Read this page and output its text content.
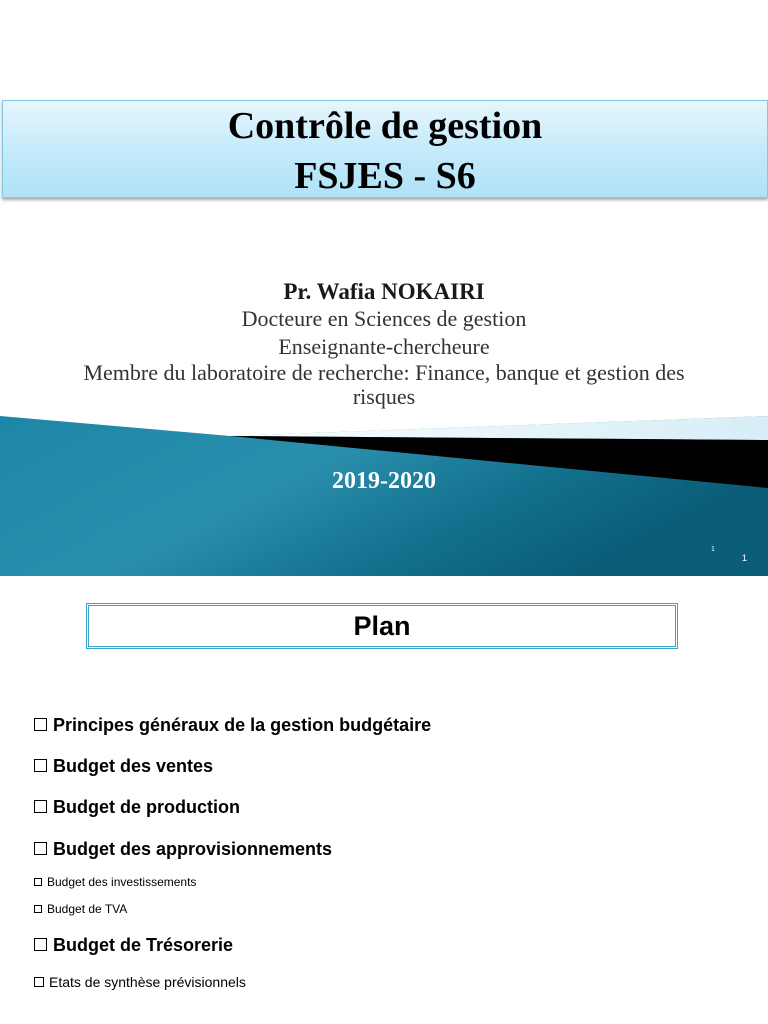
Contrôle de gestion
FSJES - S6
Pr. Wafia NOKAIRI
Docteure en Sciences de gestion
Enseignante-chercheure
Membre du laboratoire de recherche: Finance, banque et gestion des risques
2019-2020
1
1
Plan
Principes généraux de la gestion budgétaire
Budget des ventes
Budget de production
Budget des approvisionnements
Budget des investissements
Budget de TVA
Budget de Trésorerie
Etats de synthèse prévisionnels
